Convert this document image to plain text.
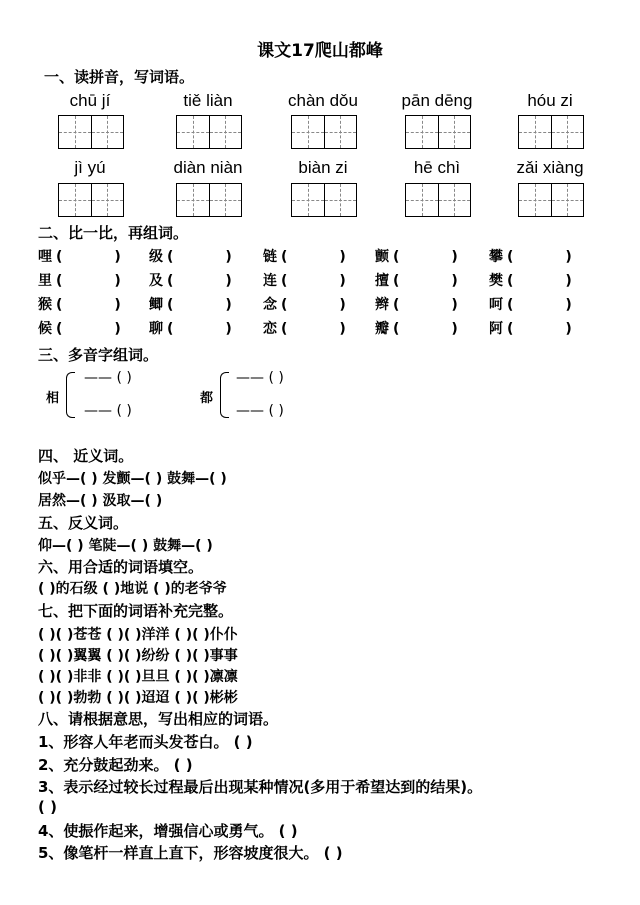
课文17爬山都峰
一、读拼音，写词语。
chū jí	tiě liàn	chàn dǒu	pān dēng	hóu zi
jì yú	diàn niàn	biàn zi	hē chì	zǎi xiàng
二、比一比，再组词。
哩 (	) 级 (	) 链 (	) 颤 (	) 攀 (	)
里 (	) 及 (	) 连 (	) 擅 (	) 樊 (	)
猴 (	) 鲫 (	) 念 (	) 辫 (	) 呵 (	)
候 (	) 聊 (	) 恋 (	) 瓣 (	) 阿 (	)
三、多音字组词。
相
—— ( )
—— ( )
都
—— ( )
—— ( )
四、 近义词。
似乎—( ) 发颤—( ) 鼓舞—( )
居然—( ) 汲取—( )
五、反义词。
仰—( ) 笔陡—( ) 鼓舞—( )
六、用合适的词语填空。
( )的石级 ( )地说 ( )的老爷爷
七、把下面的词语补充完整。
( )( )苍苍 ( )( )洋洋 ( )( )仆仆
( )( )翼翼 ( )( )纷纷 ( )( )事事
( )( )非非 ( )( )旦旦 ( )( )凛凛
( )( )勃勃 ( )( )迢迢 ( )( )彬彬
八、请根据意思，写出相应的词语。
1、形容人年老而头发苍白。 ( )
2、充分鼓起劲来。 ( )
3、表示经过较长过程最后出现某种情况(多用于希望达到的结果)。
( )
4、使振作起来，增强信心或勇气。 ( )
5、像笔杆一样直上直下，形容坡度很大。 ( )
